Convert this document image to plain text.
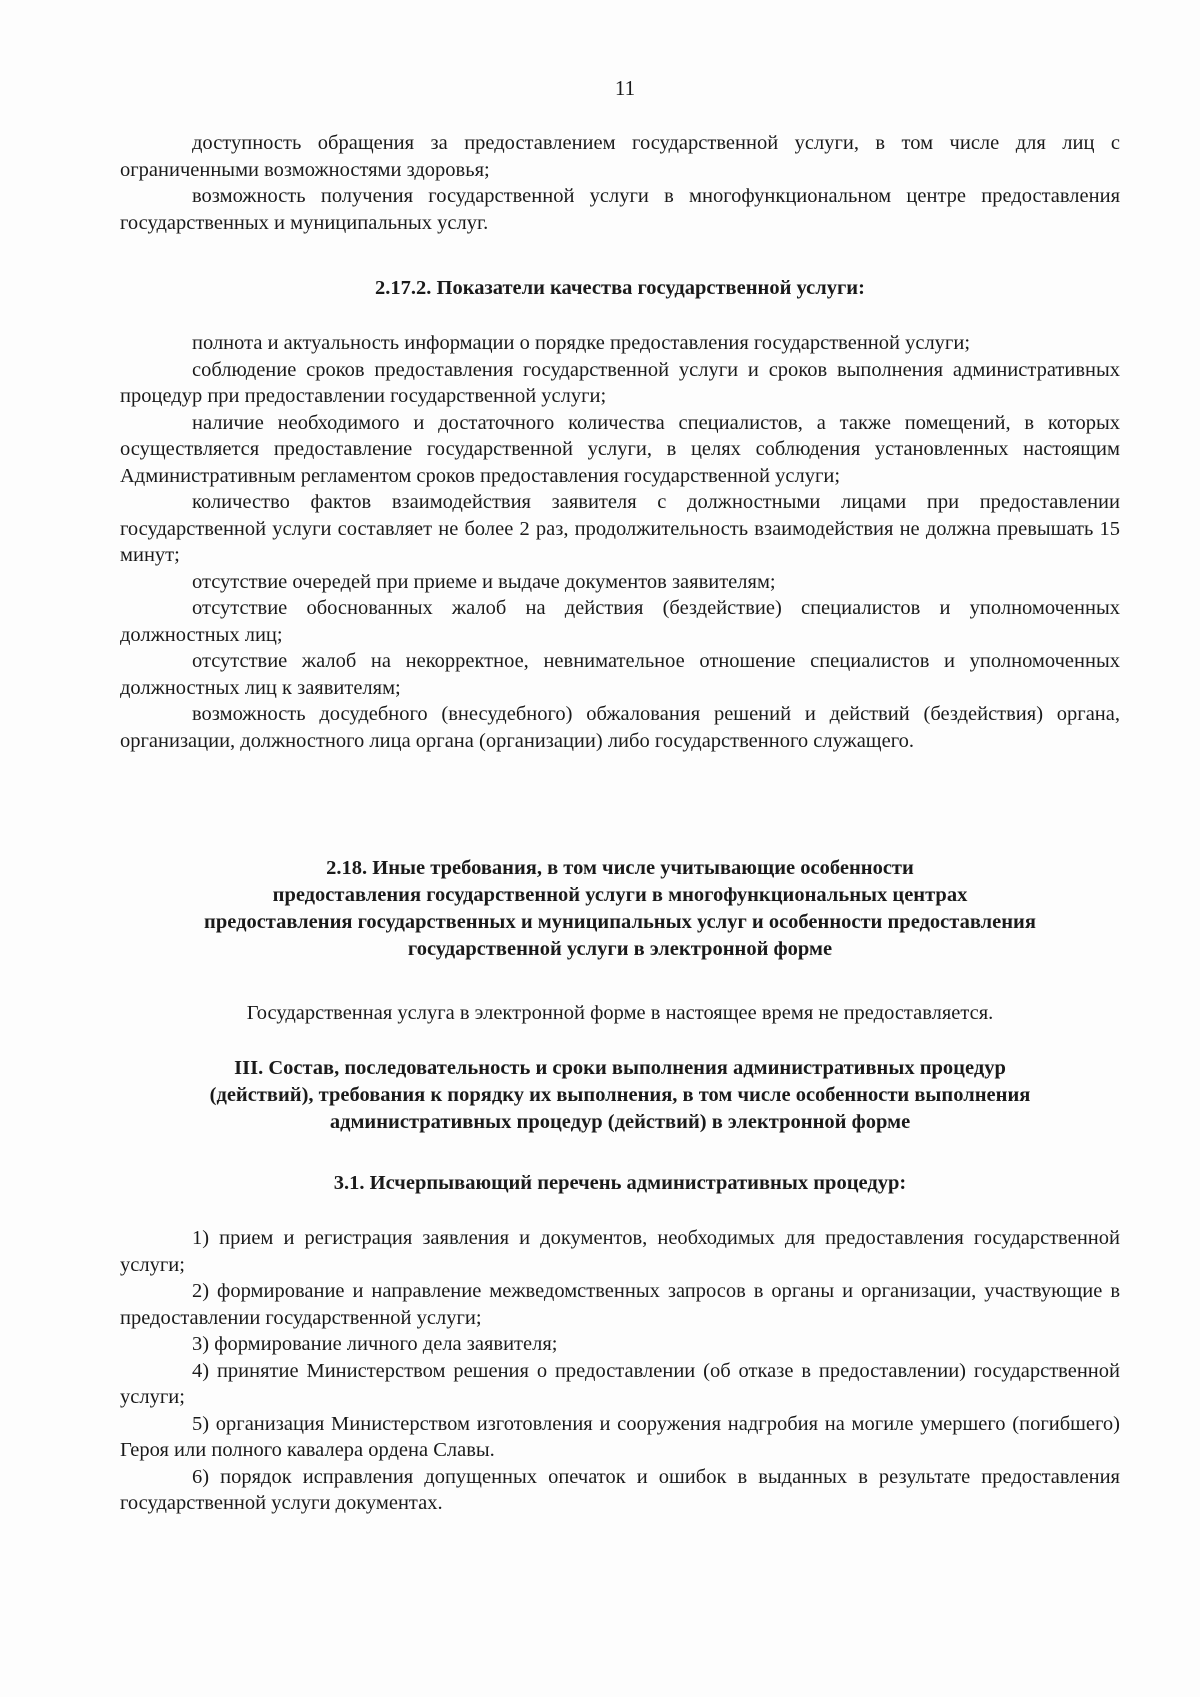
11

доступность обращения за предоставлением государственной услуги, в том числе для лиц с ограниченными возможностями здоровья;

возможность получения государственной услуги в многофункциональном центре предоставления государственных и муниципальных услуг.

2.17.2. Показатели качества государственной услуги:

полнота и актуальность информации о порядке предоставления государственной услуги;

соблюдение сроков предоставления государственной услуги и сроков выполнения административных процедур при предоставлении государственной услуги;

наличие необходимого и достаточного количества специалистов, а также помещений, в которых осуществляется предоставление государственной услуги, в целях соблюдения установленных настоящим Административным регламентом сроков предоставления государственной услуги;

количество фактов взаимодействия заявителя с должностными лицами при предоставлении государственной услуги составляет не более 2 раз, продолжительность взаимодействия не должна превышать 15 минут;

отсутствие очередей при приеме и выдаче документов заявителям;

отсутствие обоснованных жалоб на действия (бездействие) специалистов и уполномоченных должностных лиц;

отсутствие жалоб на некорректное, невнимательное отношение специалистов и уполномоченных должностных лиц к заявителям;

возможность досудебного (внесудебного) обжалования решений и действий (бездействия) органа, организации, должностного лица органа (организации) либо государственного служащего.

2.18. Иные требования, в том числе учитывающие особенности
предоставления государственной услуги в многофункциональных центрах
предоставления государственных и муниципальных услуг и особенности предоставления
государственной услуги в электронной форме

Государственная услуга в электронной форме в настоящее время не предоставляется.

III. Состав, последовательность и сроки выполнения административных процедур
(действий), требования к порядку их выполнения, в том числе особенности выполнения
административных процедур (действий) в электронной форме
3.1. Исчерпывающий перечень административных процедур:

1) прием и регистрация заявления и документов, необходимых для предоставления государственной услуги;

2) формирование и направление межведомственных запросов в органы и организации, участвующие в предоставлении государственной услуги;

3) формирование личного дела заявителя;

4) принятие Министерством решения о предоставлении (об отказе в предоставлении) государственной услуги;

5) организация Министерством изготовления и сооружения надгробия на могиле умершего (погибшего) Героя или полного кавалера ордена Славы.

6) порядок исправления допущенных опечаток и ошибок в выданных в результате предоставления государственной услуги документах.
